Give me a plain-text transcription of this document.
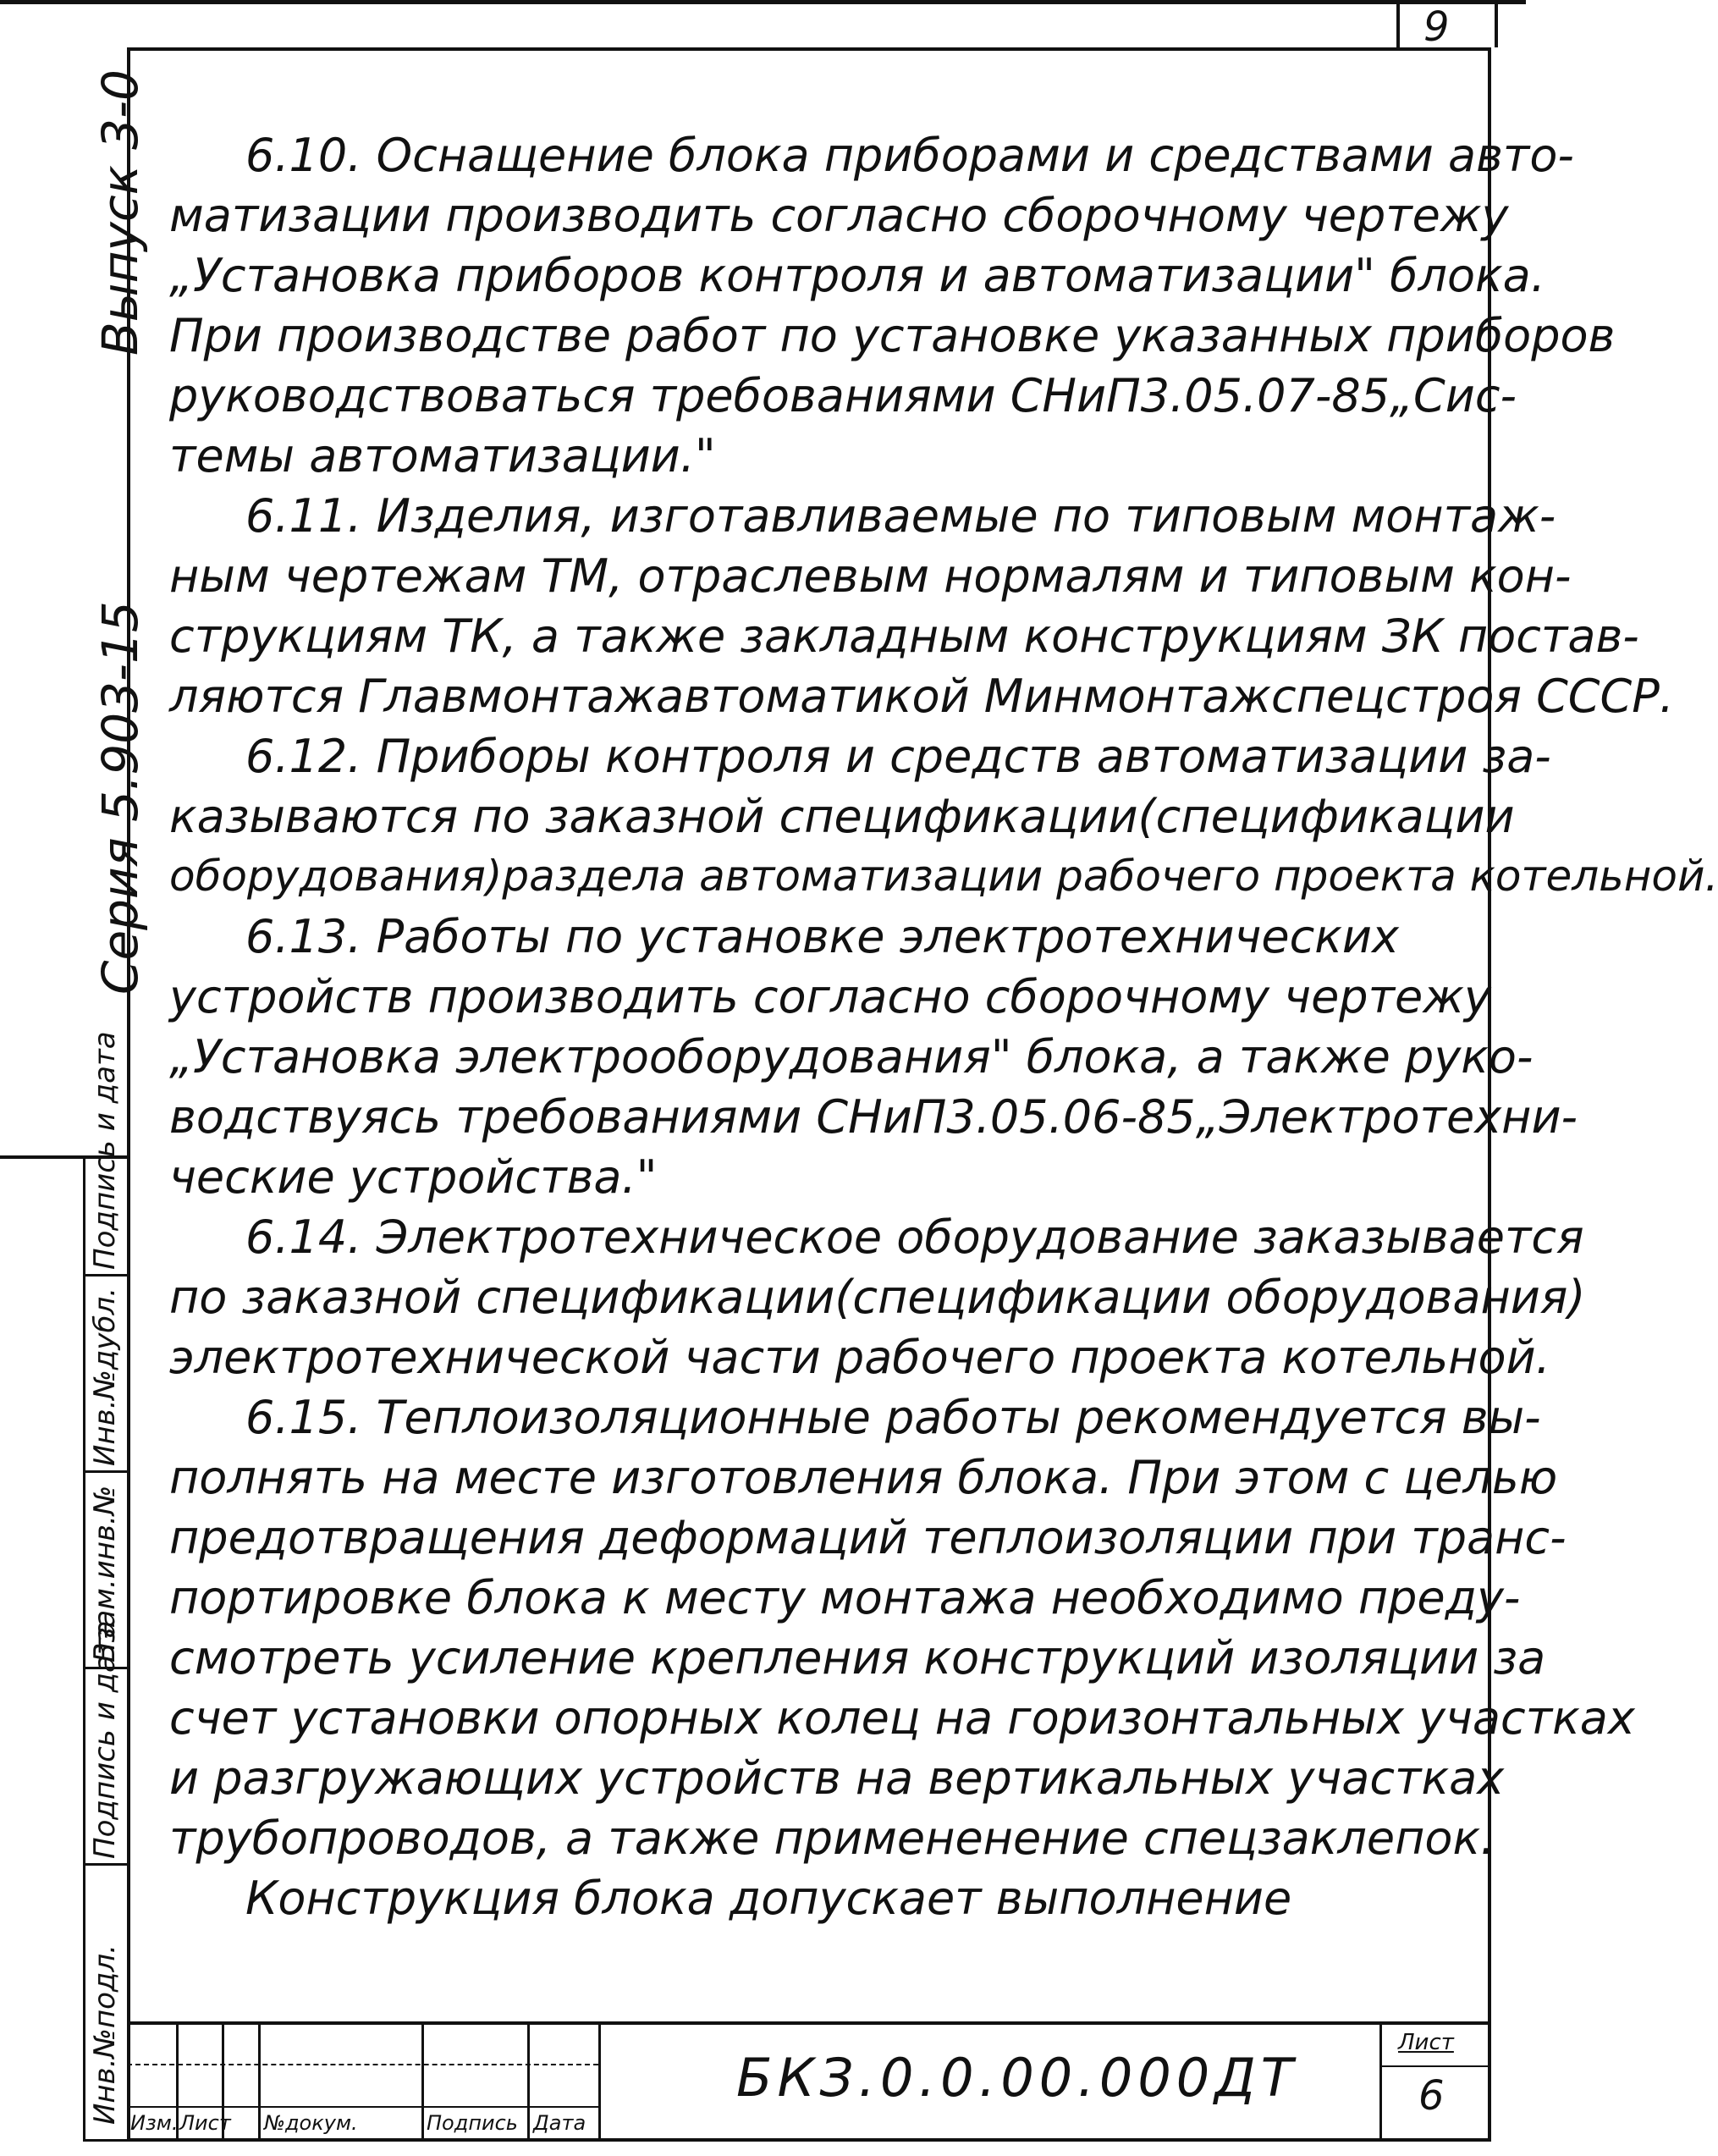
9
Выпуск 3-0
Серия 5.903-15
Инв.№подл.
Подпись и дата
Взам.инв.№
Инв.№дубл.
Подпись и дата
6.10. Оснащение блока приборами и средствами авто-
матизации производить согласно сборочному чертежу
„Установка приборов контроля и автоматизации" блока.
При производстве работ по установке указанных приборов
руководствоваться требованиями СНиП3.05.07-85„Сис-
темы автоматизации."
6.11. Изделия, изготавливаемые по типовым монтаж-
ным чертежам ТМ, отраслевым нормалям и типовым кон-
струкциям ТК, а также закладным конструкциям ЗК постав-
ляются Главмонтажавтоматикой Минмонтажспецстроя СССР.
6.12. Приборы контроля и средств автоматизации за-
казываются по заказной спецификации(спецификации
оборудования)раздела автоматизации рабочего проекта котельной.
6.13. Работы по установке электротехнических
устройств производить согласно сборочному чертежу
„Установка электрооборудования" блока, а также руко-
водствуясь требованиями СНиП3.05.06-85„Электротехни-
ческие устройства."
6.14. Электротехническое оборудование заказывается
по заказной спецификации(спецификации оборудования)
электротехнической части рабочего проекта котельной.
6.15. Теплоизоляционные работы рекомендуется вы-
полнять на месте изготовления блока. При этом с целью
предотвращения деформаций теплоизоляции при транс-
портировке блока к месту монтажа необходимо преду-
смотреть усиление крепления конструкций изоляции за
счет установки опорных колец на горизонтальных участках
и разгружающих устройств на вертикальных участках
трубопроводов, а также примененение спецзаклепок.
Конструкция блока допускает выполнение
Изм. Лист №докум.	Подпись Дата
БКЗ.0.0.00.000ДТ
Лист
6
